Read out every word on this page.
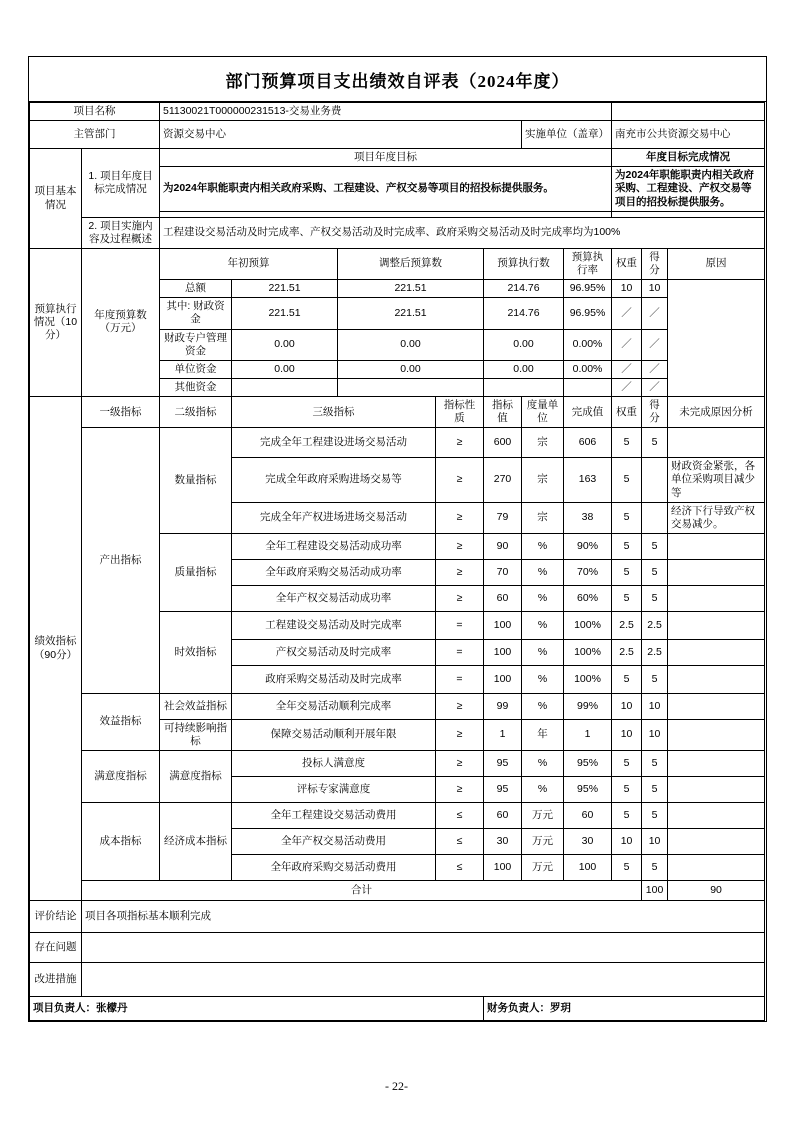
部门预算项目支出绩效自评表（2024年度）
项目名称		51130021T000000231513-交易业务费										
主管部门		资源交易中心					实施单位（盖章）		南充市公共资源交易中心			
项目基本情况	1. 项目年度目标完成情况	项目年度目标							年度目标完成情况			
		为2024年职能职责内相关政府采购、工程建设、产权交易等项目的招投标提供服务。							为2024年职能职责内相关政府采购、工程建设、产权交易等项目的招投标提供服务。			

	2. 项目实施内容及过程概述	工程建设交易活动及时完成率、产权交易活动及时完成率、政府采购交易活动及时完成率均为100%										
预算执行情况（10分）	年度预算数（万元）	年初预算		调整后预算数		预算执行数		预算执行率	权重	得分	原因	
		总额	221.51	221.51		214.76		96.95%	10	10		
		其中: 财政资金	221.51	221.51		214.76		96.95%	／	／		
		财政专户管理资金	0.00	0.00		0.00		0.00%	／	／		
		单位资金	0.00	0.00		0.00		0.00%	／	／		
		其他资金							／	／		
绩效指标（90分）	一级指标	二级指标	三级指标		指标性质	指标值	度量单位	完成值	权重	得分	未完成原因分析	
	产出指标	数量指标	完成全年工程建设进场交易活动		≥	600	宗	606	5	5		
			完成全年政府采购进场交易等		≥	270	宗	163	5		财政资金紧张，各单位采购项目减少等	
			完成全年产权进场进场交易活动		≥	79	宗	38	5		经济下行导致产权交易减少。	
		质量指标	全年工程建设交易活动成功率		≥	90	%	90%	5	5		
			全年政府采购交易活动成功率		≥	70	%	70%	5	5		
			全年产权交易活动成功率		≥	60	%	60%	5	5		
		时效指标	工程建设交易活动及时完成率		=	100	%	100%	2.5	2.5		
			产权交易活动及时完成率		=	100	%	100%	2.5	2.5		
			政府采购交易活动及时完成率		=	100	%	100%	5	5		
	效益指标	社会效益指标	全年交易活动顺利完成率		≥	99	%	99%	10	10		
		可持续影响指标	保障交易活动顺利开展年限		≥	1	年	1	10	10		
	满意度指标	满意度指标	投标人满意度		≥	95	%	95%	5	5		
			评标专家满意度		≥	95	%	95%	5	5		
	成本指标	经济成本指标	全年工程建设交易活动费用		≤	60	万元	60	5	5		
			全年产权交易活动费用		≤	30	万元	30	10	10		
			全年政府采购交易活动费用		≤	100	万元	100	5	5		
	合计									100	90	
评价结论	项目各项指标基本顺利完成											
存在问题												
改进措施												
项目负责人：张檬丹						财务负责人：罗玥						
- 22-
